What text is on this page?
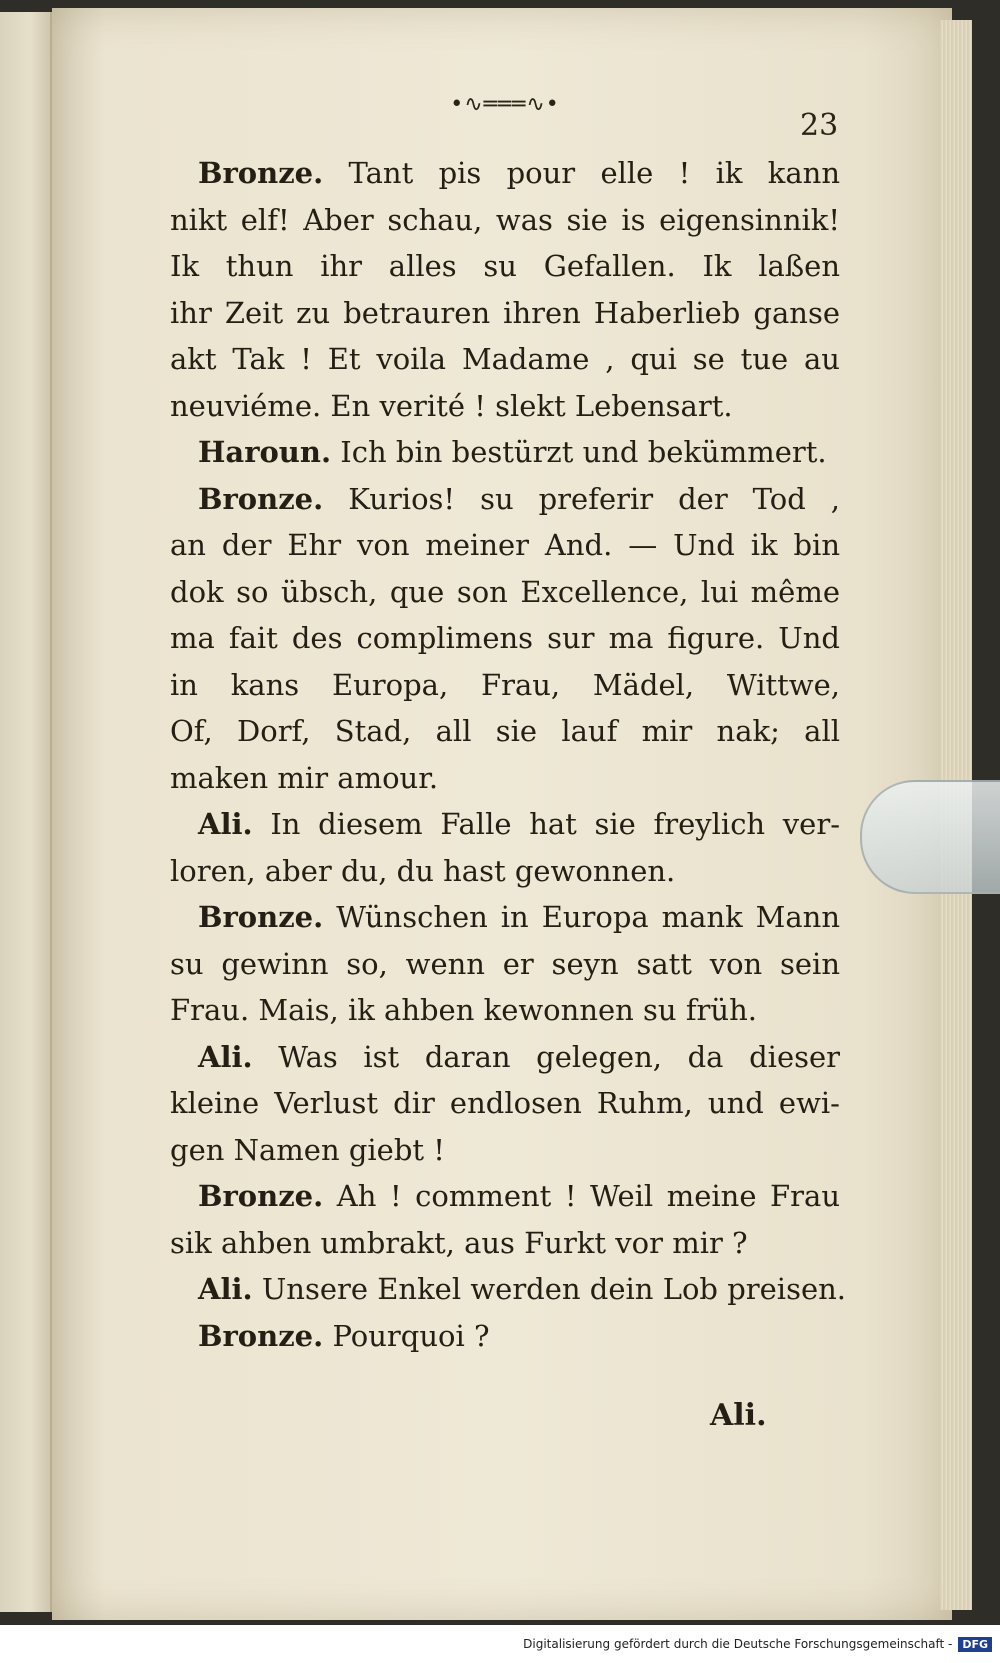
•∿═══∿•
23
Bronze. Tant pis pour elle ! ik kann
nikt elf! Aber schau, was sie is eigensinnik!
Ik thun ihr alles su Gefallen. Ik laßen
ihr Zeit zu betrauren ihren Haberlieb ganse
akt Tak ! Et voila Madame , qui se tue au
neuviéme. En verité ! slekt Lebensart.
Haroun. Ich bin bestürzt und bekümmert.
Bronze. Kurios! su preferir der Tod ,
an der Ehr von meiner And. — Und ik bin
dok so übsch, que son Excellence, lui même
ma fait des complimens sur ma figure. Und
in kans Europa, Frau, Mädel, Wittwe,
Of, Dorf, Stad, all sie lauf mir nak; all
maken mir amour.
Ali. In diesem Falle hat sie freylich ver-
loren, aber du, du hast gewonnen.
Bronze. Wünschen in Europa mank Mann
su gewinn so, wenn er seyn satt von sein
Frau. Mais, ik ahben kewonnen su früh.
Ali. Was ist daran gelegen, da dieser
kleine Verlust dir endlosen Ruhm, und ewi-
gen Namen giebt !
Bronze. Ah ! comment ! Weil meine Frau
sik ahben umbrakt, aus Furkt vor mir ?
Ali. Unsere Enkel werden dein Lob preisen.
Bronze. Pourquoi ?
Ali.
Digitalisierung gefördert durch die Deutsche Forschungsgemeinschaft - DFG
